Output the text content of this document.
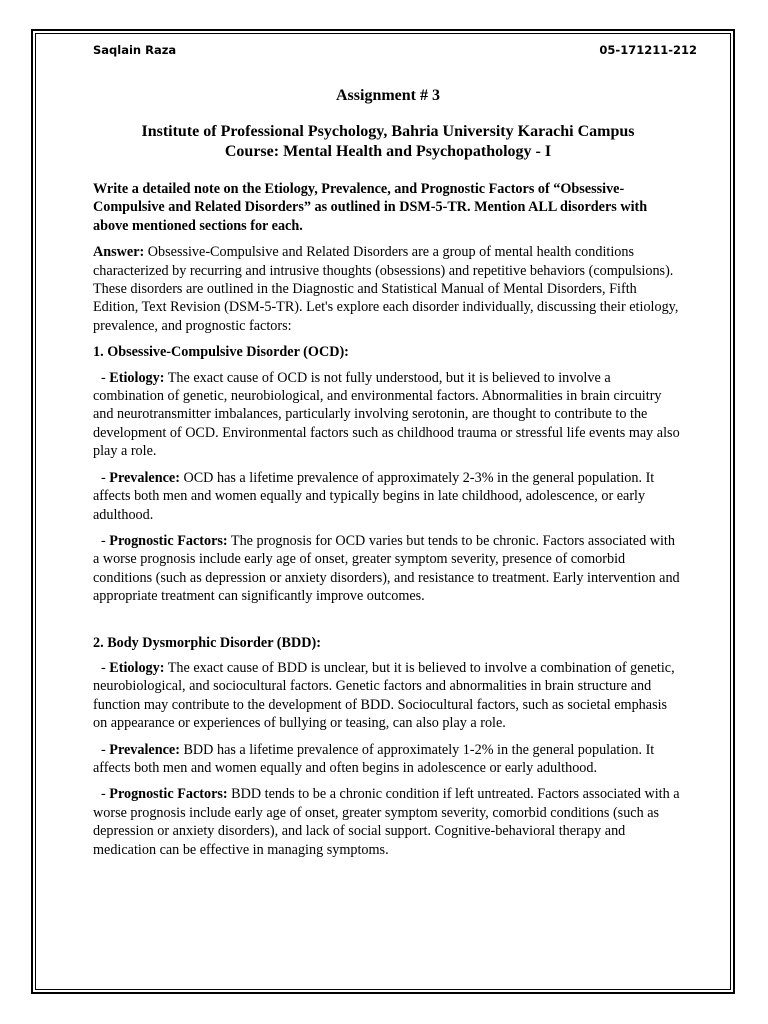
Saqlain Raza	05-171211-212
Assignment # 3
Institute of Professional Psychology, Bahria University Karachi Campus
Course: Mental Health and Psychopathology - I

Write a detailed note on the Etiology, Prevalence, and Prognostic Factors of “Obsessive-Compulsive and Related Disorders” as outlined in DSM-5-TR. Mention ALL disorders with above mentioned sections for each.

Answer: Obsessive-Compulsive and Related Disorders are a group of mental health conditions characterized by recurring and intrusive thoughts (obsessions) and repetitive behaviors (compulsions). These disorders are outlined in the Diagnostic and Statistical Manual of Mental Disorders, Fifth Edition, Text Revision (DSM-5-TR). Let's explore each disorder individually, discussing their etiology, prevalence, and prognostic factors:

1. Obsessive-Compulsive Disorder (OCD):

- Etiology: The exact cause of OCD is not fully understood, but it is believed to involve a combination of genetic, neurobiological, and environmental factors. Abnormalities in brain circuitry and neurotransmitter imbalances, particularly involving serotonin, are thought to contribute to the development of OCD. Environmental factors such as childhood trauma or stressful life events may also play a role.

- Prevalence: OCD has a lifetime prevalence of approximately 2-3% in the general population. It affects both men and women equally and typically begins in late childhood, adolescence, or early adulthood.

- Prognostic Factors: The prognosis for OCD varies but tends to be chronic. Factors associated with a worse prognosis include early age of onset, greater symptom severity, presence of comorbid conditions (such as depression or anxiety disorders), and resistance to treatment. Early intervention and appropriate treatment can significantly improve outcomes.

2. Body Dysmorphic Disorder (BDD):

- Etiology: The exact cause of BDD is unclear, but it is believed to involve a combination of genetic, neurobiological, and sociocultural factors. Genetic factors and abnormalities in brain structure and function may contribute to the development of BDD. Sociocultural factors, such as societal emphasis on appearance or experiences of bullying or teasing, can also play a role.

- Prevalence: BDD has a lifetime prevalence of approximately 1-2% in the general population. It affects both men and women equally and often begins in adolescence or early adulthood.

- Prognostic Factors: BDD tends to be a chronic condition if left untreated. Factors associated with a worse prognosis include early age of onset, greater symptom severity, comorbid conditions (such as depression or anxiety disorders), and lack of social support. Cognitive-behavioral therapy and medication can be effective in managing symptoms.
